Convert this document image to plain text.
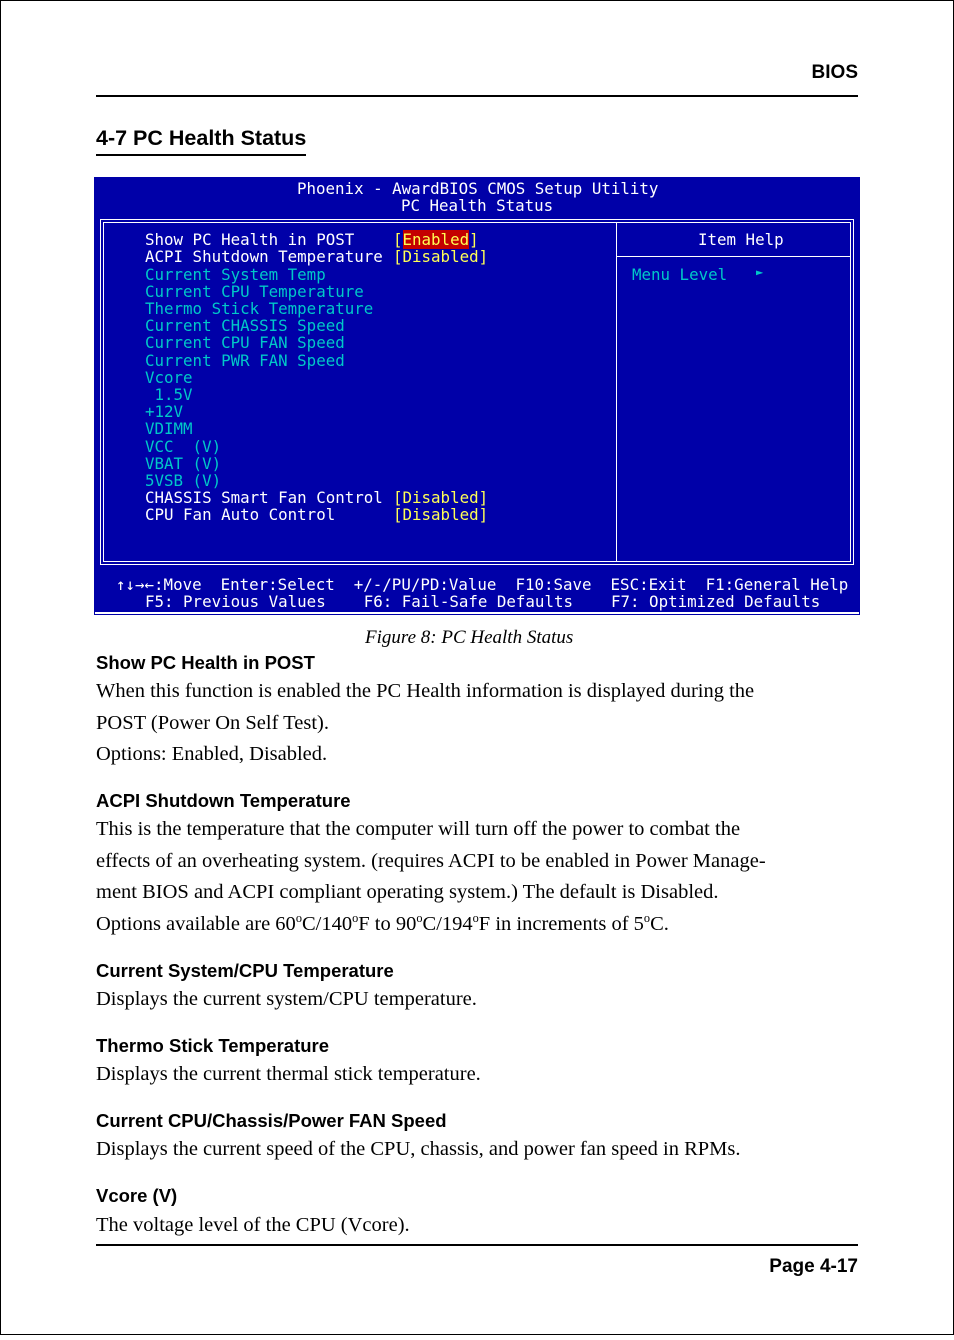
BIOS
4-7 PC Health Status
Phoenix - AwardBIOS CMOS Setup Utility
PC Health Status
Show PC Health in POST [Enabled]
ACPI Shutdown Temperature [Disabled]
Current System Temp
Current CPU Temperature
Thermo Stick Temperature
Current CHASSIS Speed
Current CPU FAN Speed
Current PWR FAN Speed
Vcore
1.5V
+12V
VDIMM
VCC  (V)
VBAT (V)
5VSB (V)
CHASSIS Smart Fan Control [Disabled]
CPU Fan Auto Control	[Disabled]
Item Help
Menu Level ►
↑↓→←:Move  Enter:Select  +/-/PU/PD:Value  F10:Save  ESC:Exit  F1:General Help
F5: Previous Values    F6: Fail-Safe Defaults    F7: Optimized Defaults
Figure 8: PC Health Status
Show PC Health in POST

When this function is enabled the PC Health information is displayed during the

POST (Power On Self Test).

Options: Enabled, Disabled.

ACPI Shutdown Temperature

This is the temperature that the computer will turn off the power to combat the

effects of an overheating system. (requires ACPI to be enabled in Power Manage-

ment BIOS and ACPI compliant operating system.) The default is Disabled.

Options available are 60$^o$C/140$^o$F to 90$^o$C/194$^o$F in increments of 5$^o$C.

Current System/CPU Temperature

Displays the current system/CPU temperature.

Thermo Stick Temperature

Displays the current thermal stick temperature.

Current CPU/Chassis/Power FAN Speed

Displays the current speed of the CPU, chassis, and power fan speed in RPMs.

Vcore (V)

The voltage level of the CPU (Vcore).

Page 4-17
